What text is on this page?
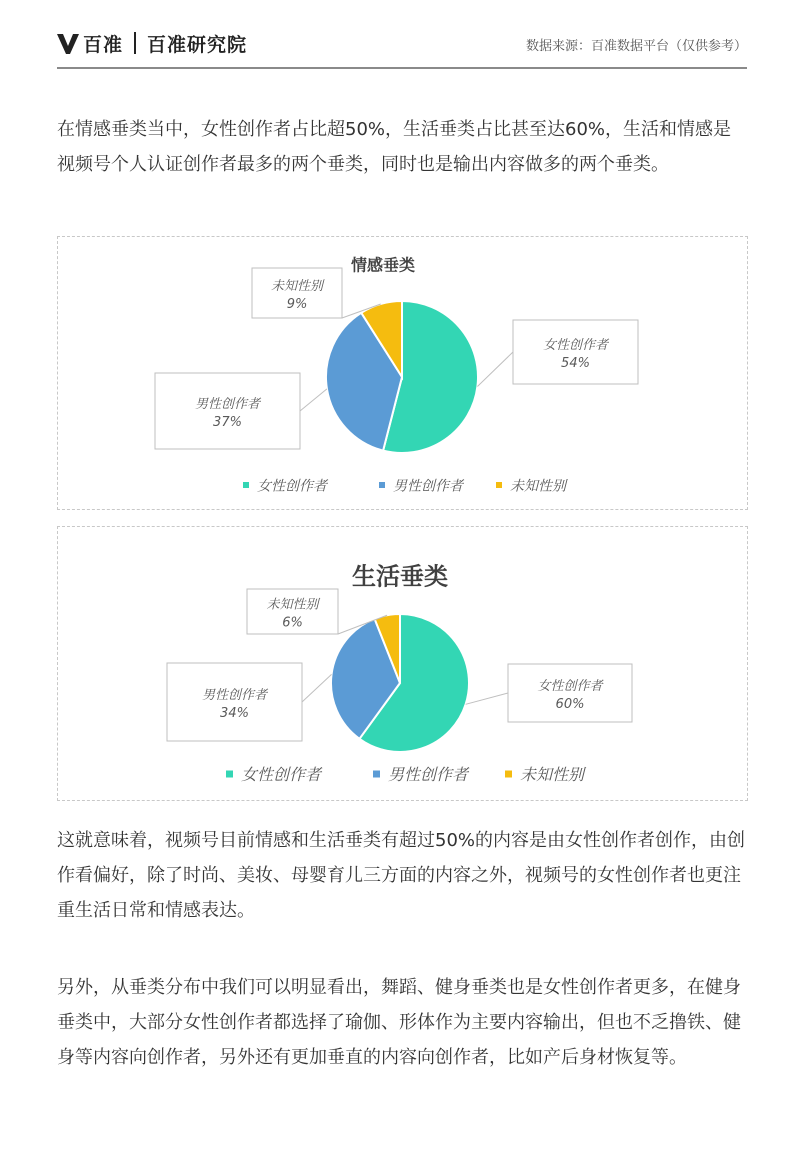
百准 百准研究院	数据来源：百准数据平台（仅供参考）

在情感垂类当中，女性创作者占比超50%，生活垂类占比甚至达60%，生活和情感是视频号个人认证创作者最多的两个垂类，同时也是输出内容做多的两个垂类。

情感垂类
女性创作者
54%
男性创作者
37%
未知性别
9%
女性创作者	男性创作者	未知性别
生活垂类
女性创作者
60%
男性创作者
34%
未知性别
6%
女性创作者	男性创作者	未知性别

这就意味着，视频号目前情感和生活垂类有超过50%的内容是由女性创作者创作，由创作看偏好，除了时尚、美妆、母婴育儿三方面的内容之外，视频号的女性创作者也更注重生活日常和情感表达。

另外，从垂类分布中我们可以明显看出，舞蹈、健身垂类也是女性创作者更多，在健身垂类中，大部分女性创作者都选择了瑜伽、形体作为主要内容输出，但也不乏撸铁、健身等内容向创作者，另外还有更加垂直的内容向创作者，比如产后身材恢复等。
